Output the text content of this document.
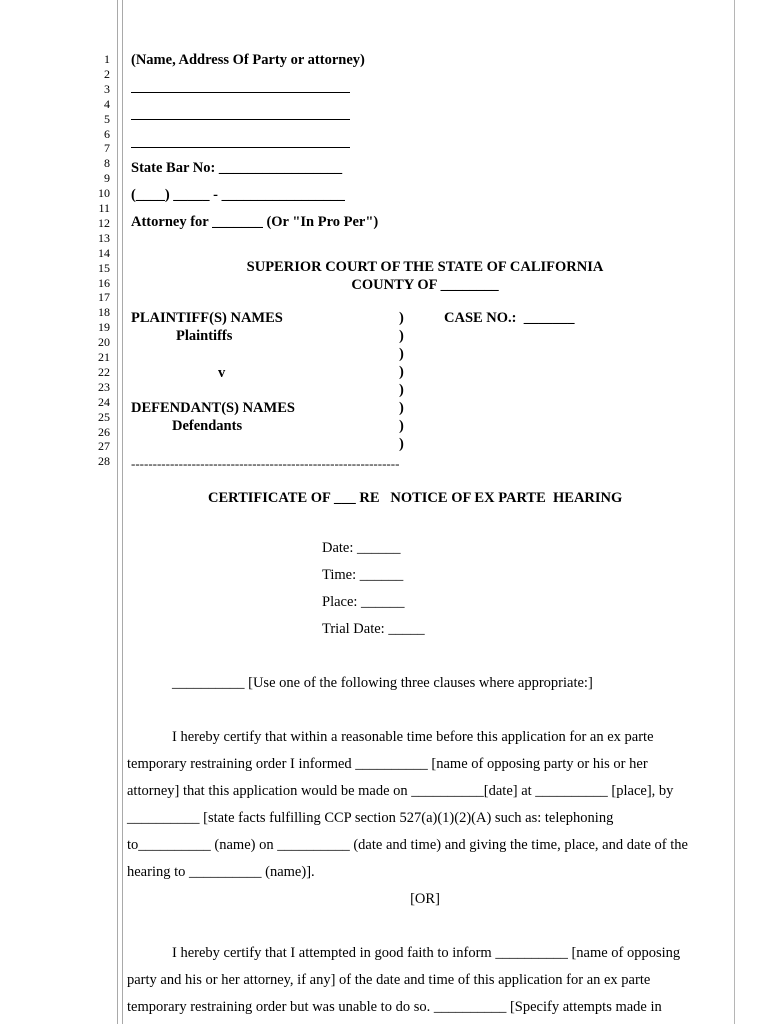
1
2
3
4
5
6
7
8
9
10
11
12
13
14
15
16
17
18
19
20
21
22
23
24
25
26
27
28
(Name, Address Of Party or attorney)
State Bar No: _________________
(____) _____ - _________________
Attorney for _______ (Or "In Pro Per")
SUPERIOR COURT OF THE STATE OF CALIFORNIA
COUNTY OF ________
PLAINTIFF(S) NAMES
Plaintiffs
v
DEFENDANT(S) NAMES
Defendants
CASE NO.:  _______
)
)
)
)
)
)
)
)
--------------------------------------------------------------
CERTIFICATE OF ___ RE   NOTICE OF EX PARTE  HEARING
Date: ______
Time: ______
Place: ______
Trial Date: _____
__________ [Use one of the following three clauses where appropriate:]
I hereby certify that within a reasonable time before this application for an ex parte
temporary restraining order I informed __________ [name of opposing party or his or her
attorney] that this application would be made on __________[date] at __________ [place], by
__________ [state facts fulfilling CCP section 527(a)(1)(2)(A) such as: telephoning
to__________ (name) on __________ (date and time) and giving the time, place, and date of the
hearing to __________ (name)].
[OR]
I hereby certify that I attempted in good faith to inform __________ [name of opposing
party and his or her attorney, if any] of the date and time of this application for an ex parte
temporary restraining order but was unable to do so. __________ [Specify attempts made in
